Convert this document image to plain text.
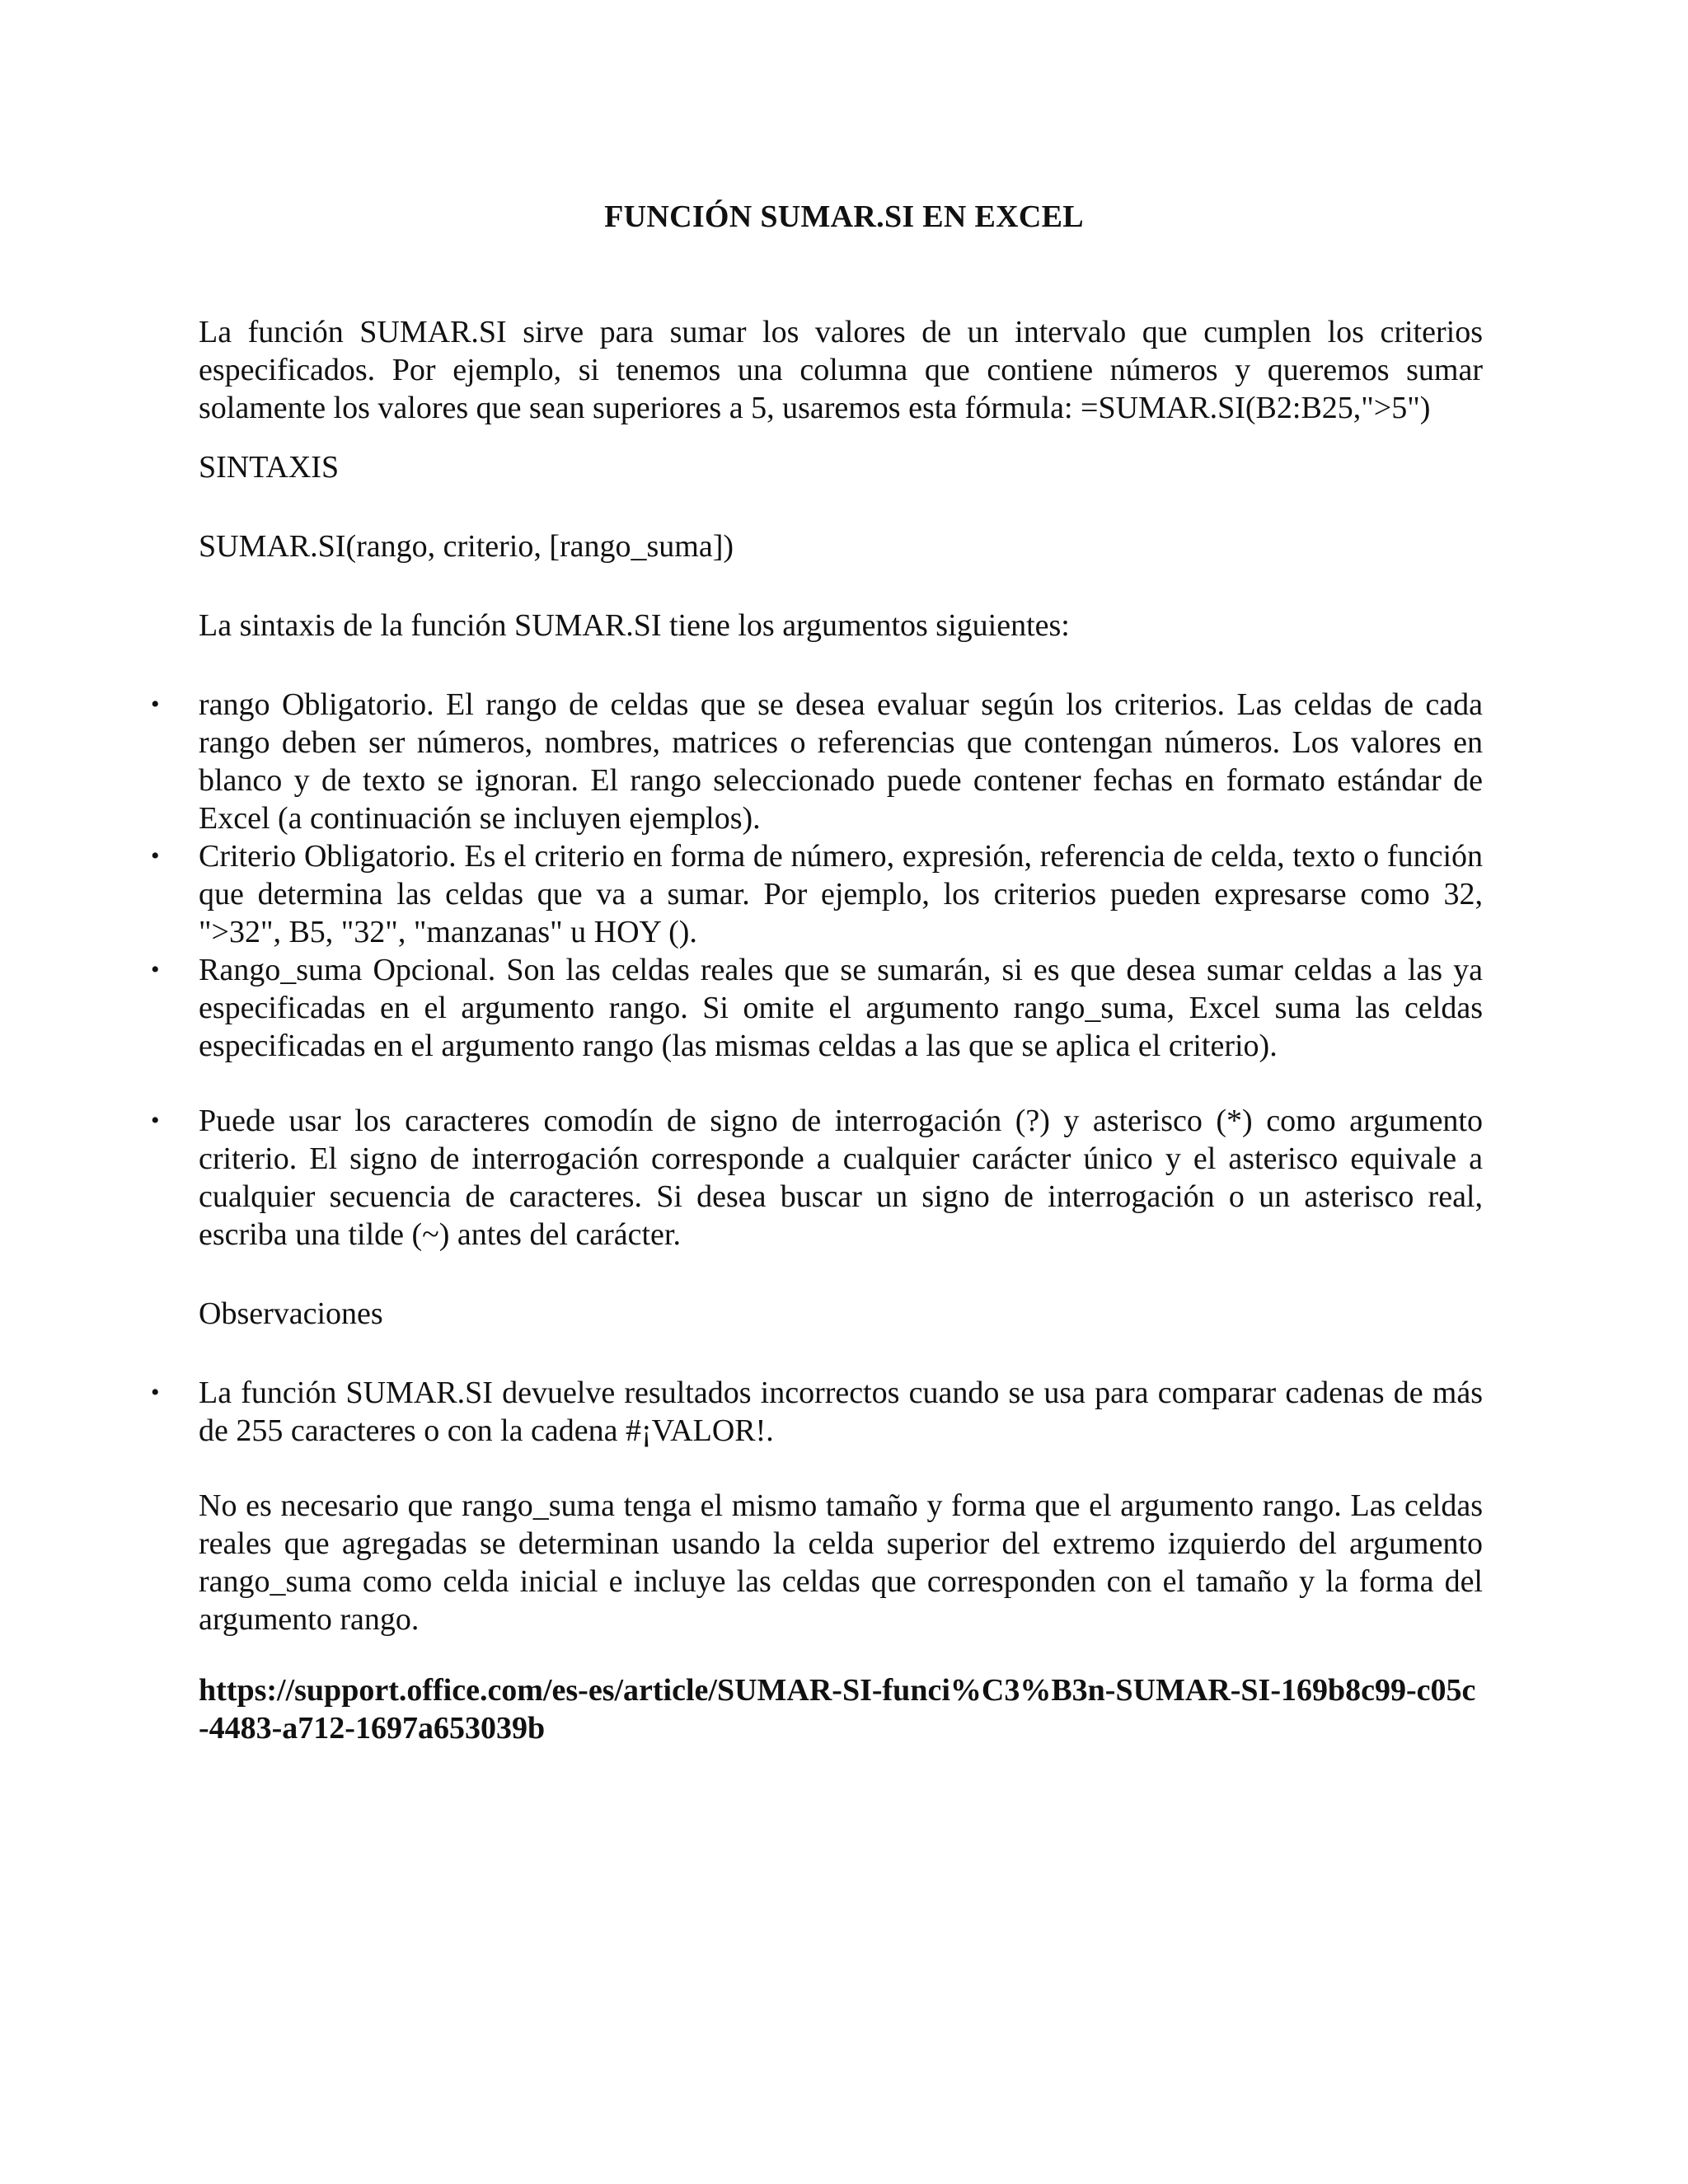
FUNCIÓN SUMAR.SI EN EXCEL

La función SUMAR.SI sirve para sumar los valores de un intervalo que cumplen los criterios especificados. Por ejemplo, si tenemos una columna que contiene números y queremos sumar solamente los valores que sean superiores a 5, usaremos esta fórmula: =SUMAR.SI(B2:B25,">5")

SINTAXIS

SUMAR.SI(rango, criterio, [rango_suma])

La sintaxis de la función SUMAR.SI tiene los argumentos siguientes:

• rango Obligatorio. El rango de celdas que se desea evaluar según los criterios. Las celdas de cada rango deben ser números, nombres, matrices o referencias que contengan números. Los valores en blanco y de texto se ignoran. El rango seleccionado puede contener fechas en formato estándar de Excel (a continuación se incluyen ejemplos).

• Criterio Obligatorio. Es el criterio en forma de número, expresión, referencia de celda, texto o función que determina las celdas que va a sumar. Por ejemplo, los criterios pueden expresarse como 32, ">32", B5, "32", "manzanas" u HOY ().

• Rango_suma Opcional. Son las celdas reales que se sumarán, si es que desea sumar celdas a las ya especificadas en el argumento rango. Si omite el argumento rango_suma, Excel suma las celdas especificadas en el argumento rango (las mismas celdas a las que se aplica el criterio).

• Puede usar los caracteres comodín de signo de interrogación (?) y asterisco (*) como argumento criterio. El signo de interrogación corresponde a cualquier carácter único y el asterisco equivale a cualquier secuencia de caracteres. Si desea buscar un signo de interrogación o un asterisco real, escriba una tilde (~) antes del carácter.

Observaciones

• La función SUMAR.SI devuelve resultados incorrectos cuando se usa para comparar cadenas de más de 255 caracteres o con la cadena #¡VALOR!.

No es necesario que rango_suma tenga el mismo tamaño y forma que el argumento rango. Las celdas reales que agregadas se determinan usando la celda superior del extremo izquierdo del argumento rango_suma como celda inicial e incluye las celdas que corresponden con el tamaño y la forma del argumento rango.

https://support.office.com/es-es/article/SUMAR-SI-funci%C3%B3n-SUMAR-SI-169b8c99-c05c-4483-a712-1697a653039b
